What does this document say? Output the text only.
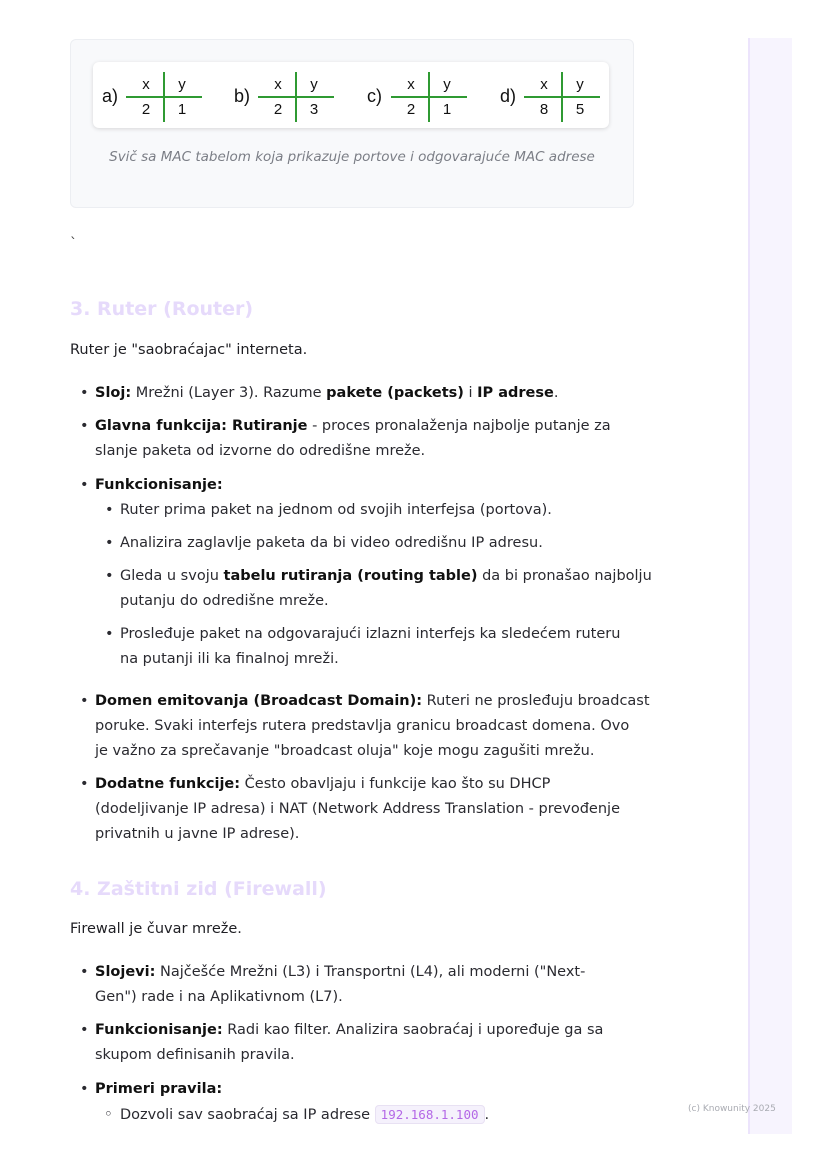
a)
x	y
2	1
b)
x	y
2	3
c)
x	y
2	1
d)
x	y
8	5
Svič sa MAC tabelom koja prikazuje portove i odgovarajuće MAC adrese
`
3. Ruter (Router)

Ruter je "saobraćajac" interneta.

• Sloj: Mrežni (Layer 3). Razume pakete (packets) i IP adrese.
• Glavna funkcija: Rutiranje - proces pronalaženja najbolje putanje za
slanje paketa od izvorne do odredišne mreže.
• Funkcionisanje:
• Ruter prima paket na jednom od svojih interfejsa (portova).
• Analizira zaglavlje paketa da bi video odredišnu IP adresu.
• Gleda u svoju tabelu rutiranja (routing table) da bi pronašao najbolju
putanju do odredišne mreže.
• Prosleđuje paket na odgovarajući izlazni interfejs ka sledećem ruteru
na putanji ili ka finalnoj mreži.
• Domen emitovanja (Broadcast Domain): Ruteri ne prosleđuju broadcast
poruke. Svaki interfejs rutera predstavlja granicu broadcast domena. Ovo
je važno za sprečavanje "broadcast oluja" koje mogu zagušiti mrežu.
• Dodatne funkcije: Često obavljaju i funkcije kao što su DHCP
(dodeljivanje IP adresa) i NAT (Network Address Translation - prevođenje
privatnih u javne IP adrese).
4. Zaštitni zid (Firewall)

Firewall je čuvar mreže.

• Slojevi: Najčešće Mrežni (L3) i Transportni (L4), ali moderni ("Next-
Gen") rade i na Aplikativnom (L7).
• Funkcionisanje: Radi kao filter. Analizira saobraćaj i upoređuje ga sa
skupom definisanih pravila.
• Primeri pravila:
◦ Dozvoli sav saobraćaj sa IP adrese 192.168.1.100 .	(c) Knowunity 2025
